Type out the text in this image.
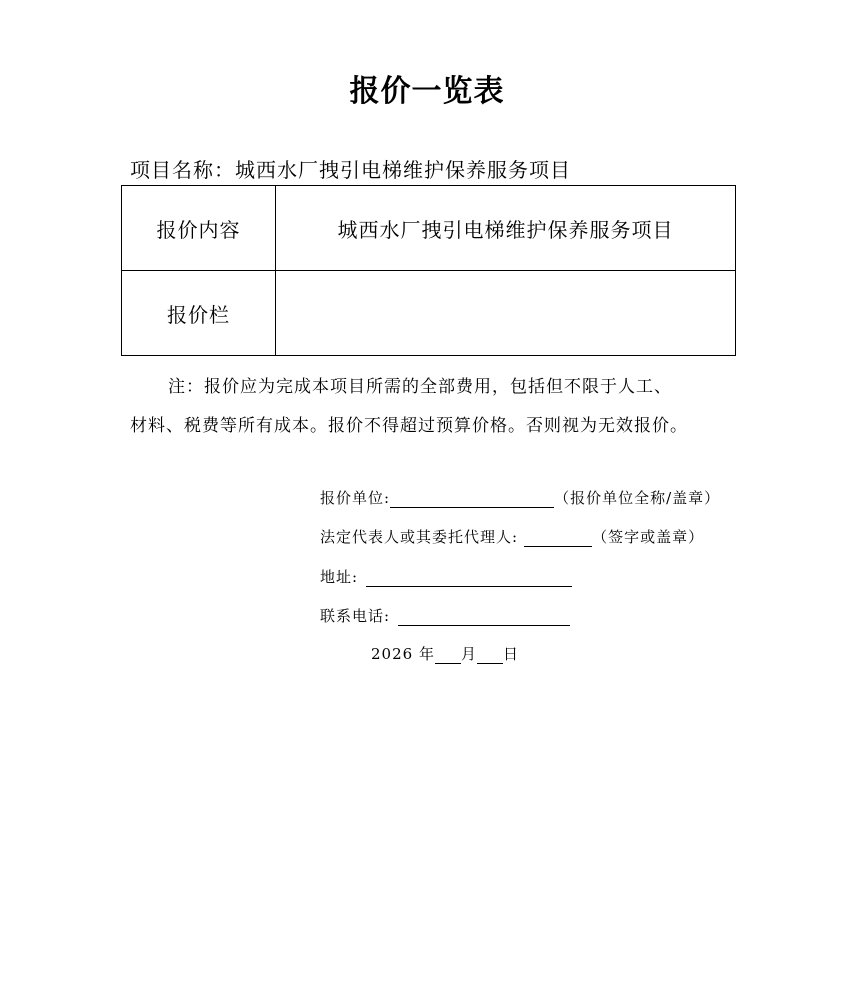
报价一览表
项目名称：城西水厂拽引电梯维护保养服务项目
报价内容	城西水厂拽引电梯维护保养服务项目
报价栏	
注：报价应为完成本项目所需的全部费用，包括但不限于人工、
材料、税费等所有成本。报价不得超过预算价格。否则视为无效报价。
报价单位:	（报价单位全称/盖章）
法定代表人或其委托代理人:	（签字或盖章）
地址:
联系电话:
2026 年 月 日
